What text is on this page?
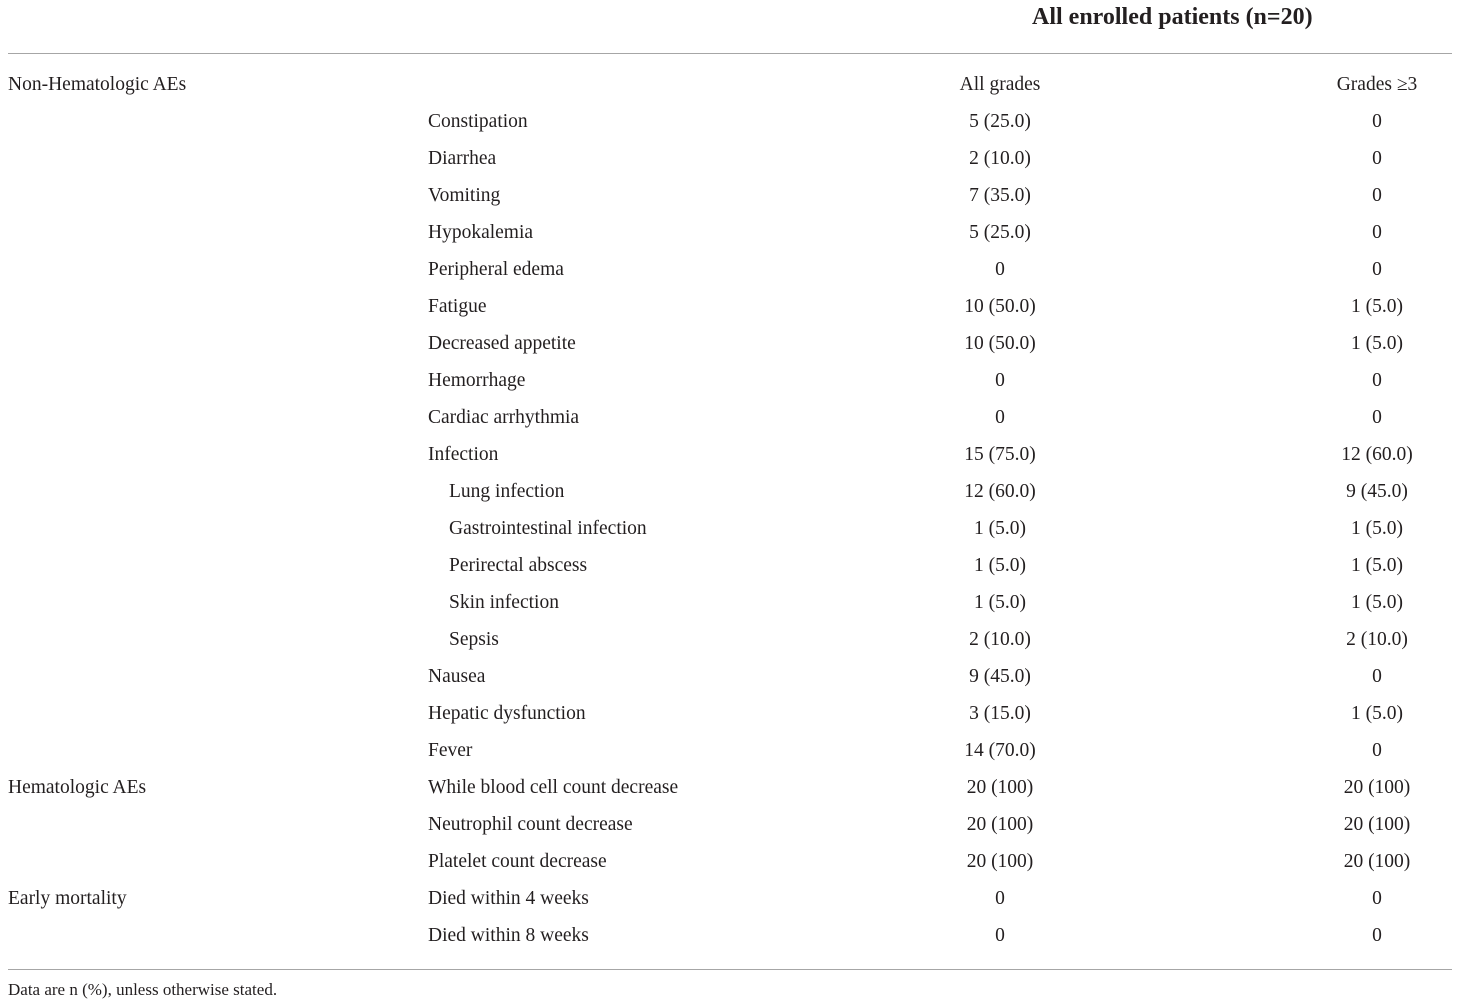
All enrolled patients (n=20)
Non-Hematologic AEs	All grades	Grades ≥3
Constipation	5 (25.0)	0
Diarrhea	2 (10.0)	0
Vomiting	7 (35.0)	0
Hypokalemia	5 (25.0)	0
Peripheral edema	0	0
Fatigue	10 (50.0)	1 (5.0)
Decreased appetite	10 (50.0)	1 (5.0)
Hemorrhage	0	0
Cardiac arrhythmia	0	0
Infection	15 (75.0)	12 (60.0)
Lung infection	12 (60.0)	9 (45.0)
Gastrointestinal infection	1 (5.0)	1 (5.0)
Perirectal abscess	1 (5.0)	1 (5.0)
Skin infection	1 (5.0)	1 (5.0)
Sepsis	2 (10.0)	2 (10.0)
Nausea	9 (45.0)	0
Hepatic dysfunction	3 (15.0)	1 (5.0)
Fever	14 (70.0)	0
Hematologic AEs	While blood cell count decrease	20 (100)	20 (100)
Neutrophil count decrease	20 (100)	20 (100)
Platelet count decrease	20 (100)	20 (100)
Early mortality	Died within 4 weeks	0	0
Died within 8 weeks	0	0
Data are n (%), unless otherwise stated.
